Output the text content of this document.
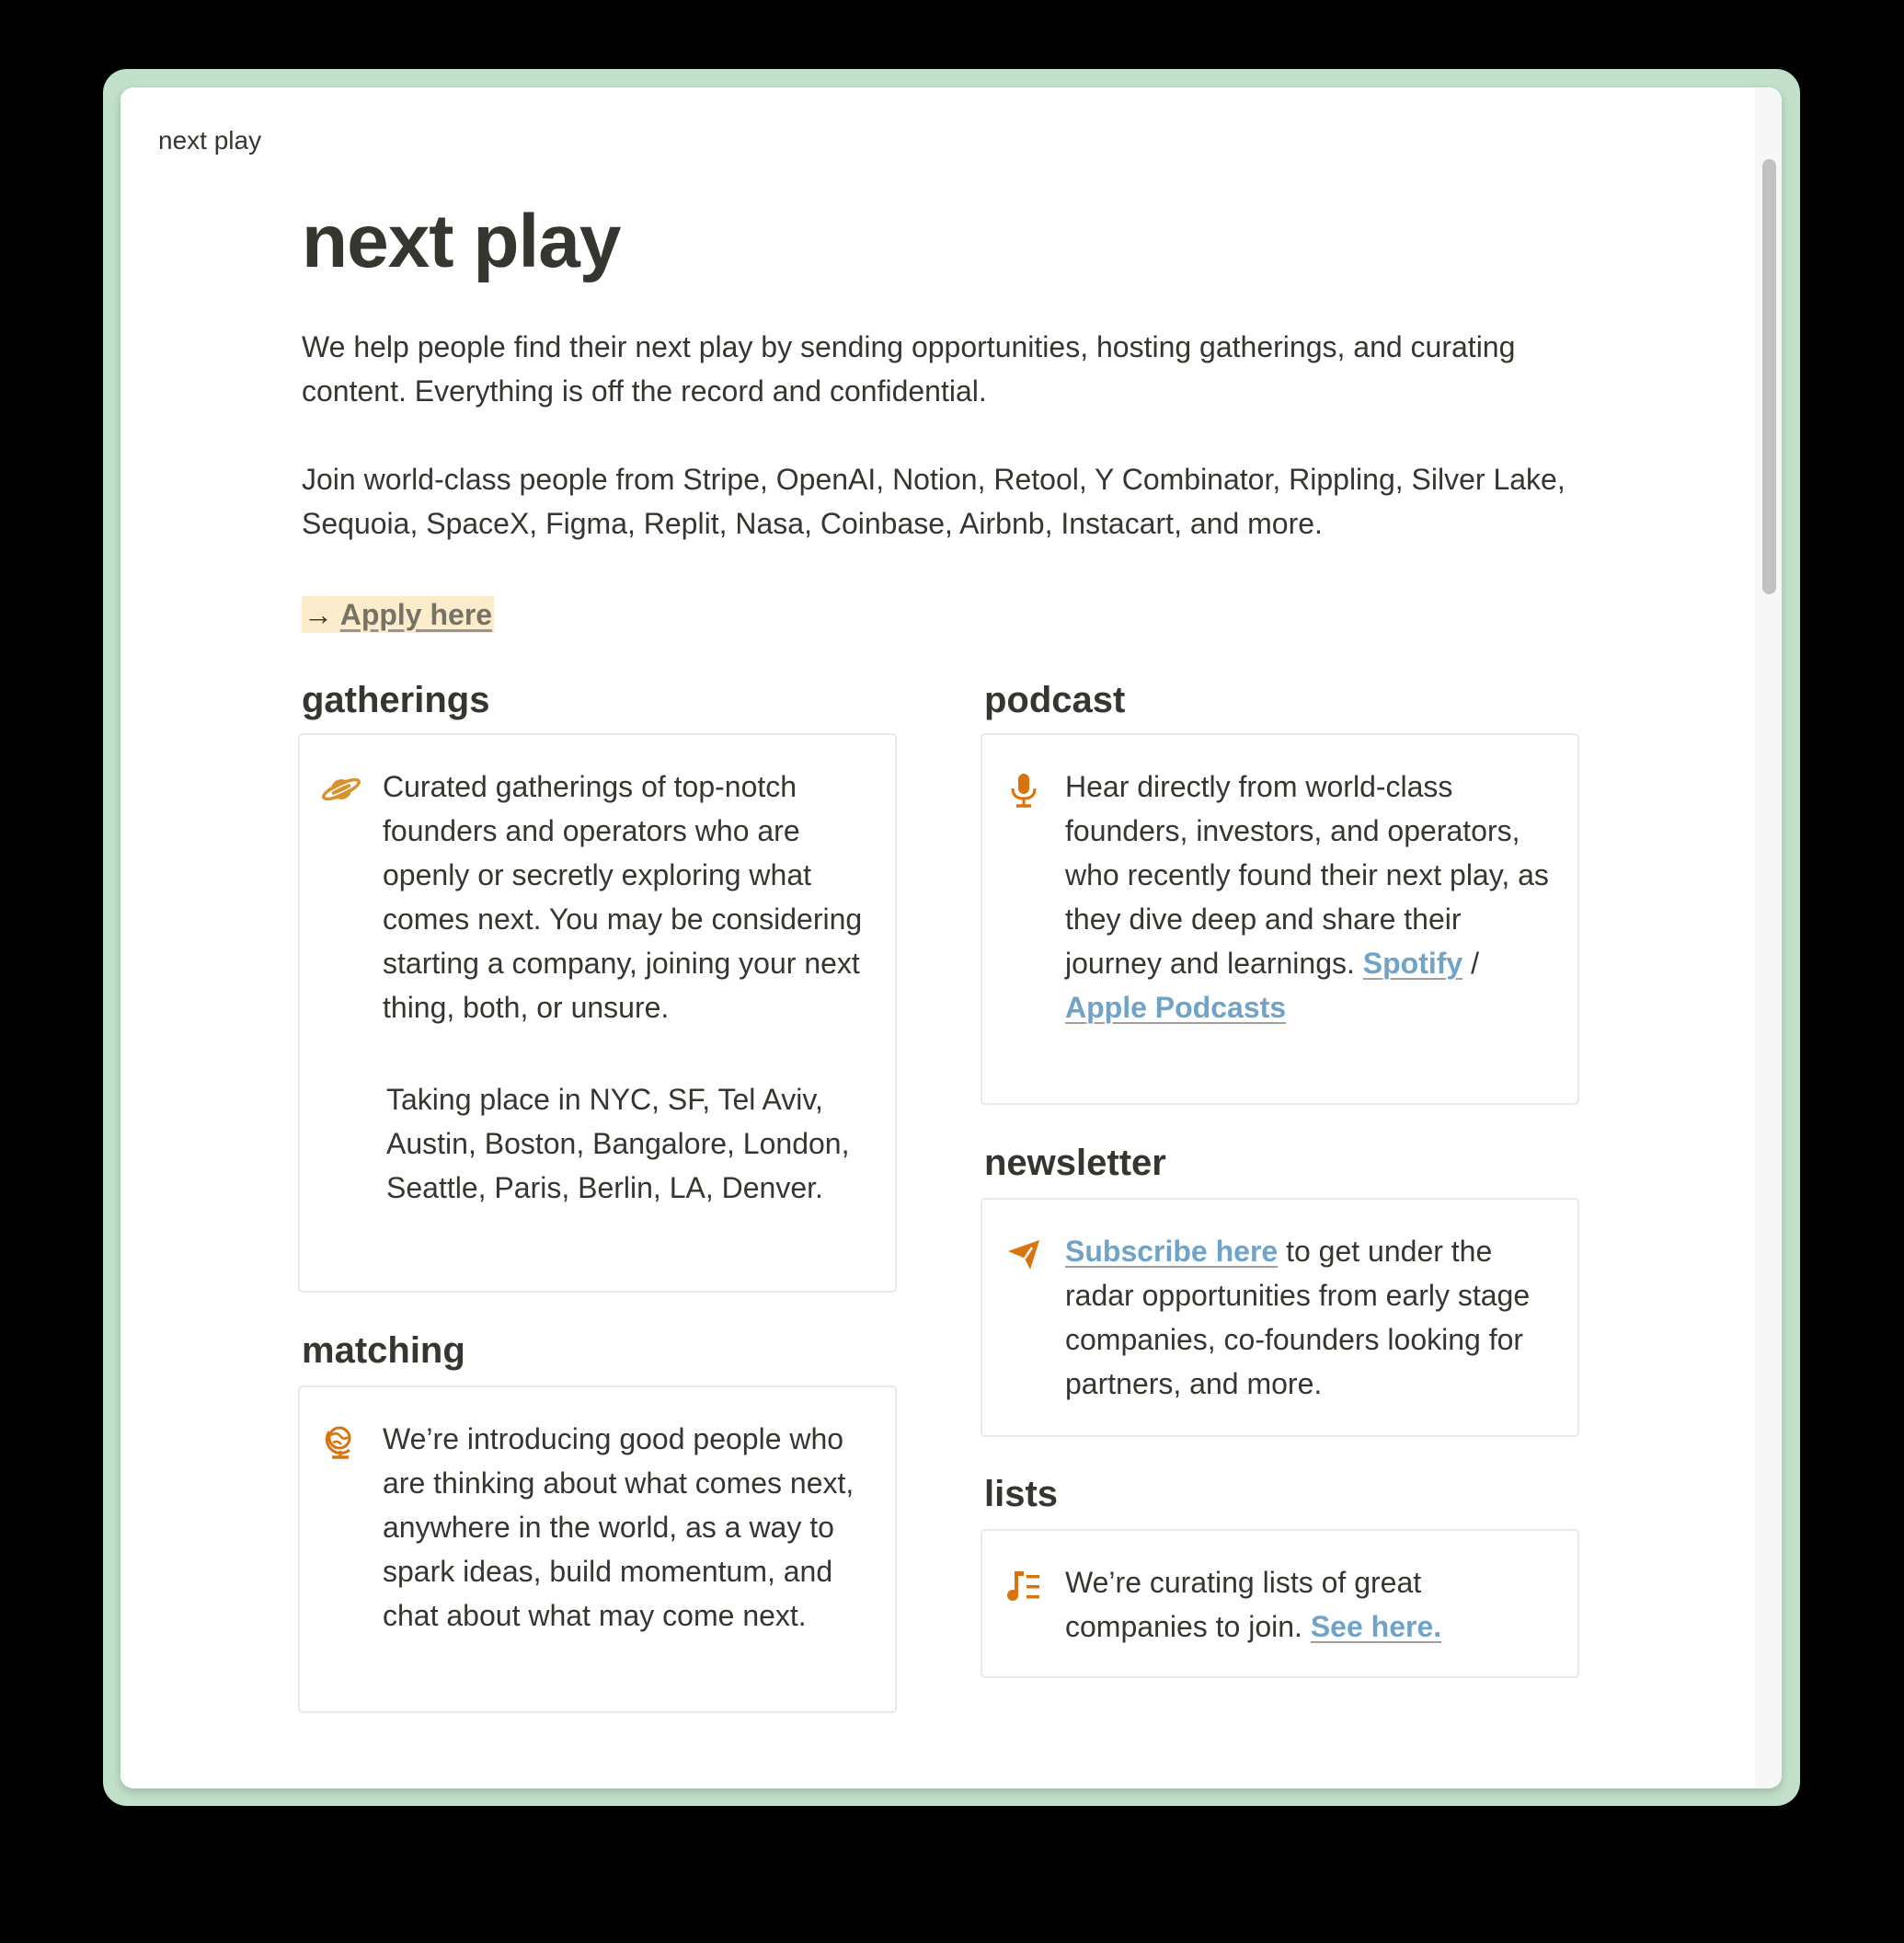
next play
next play

We help people find their next play by sending opportunities, hosting gatherings, and curating content. Everything is off the record and confidential.

Join world-class people from Stripe, OpenAI, Notion, Retool, Y Combinator, Rippling, Silver Lake, Sequoia, SpaceX, Figma, Replit, Nasa, Coinbase, Airbnb, Instacart, and more.

→ Apply here
gatherings
Curated gatherings of top-notch founders and operators who are openly or secretly exploring what comes next. You may be considering starting a company, joining your next thing, both, or unsure.
Taking place in NYC, SF, Tel Aviv, Austin, Boston, Bangalore, London, Seattle, Paris, Berlin, LA, Denver.
matching
We’re introducing good people who are thinking about what comes next, anywhere in the world, as a way to spark ideas, build momentum, and chat about what may come next.
podcast
Hear directly from world-class founders, investors, and operators, who recently found their next play, as they dive deep and share their journey and learnings. Spotify / Apple Podcasts
newsletter
Subscribe here to get under the radar opportunities from early stage companies, co-founders looking for partners, and more.
lists
We’re curating lists of great companies to join. See here.
